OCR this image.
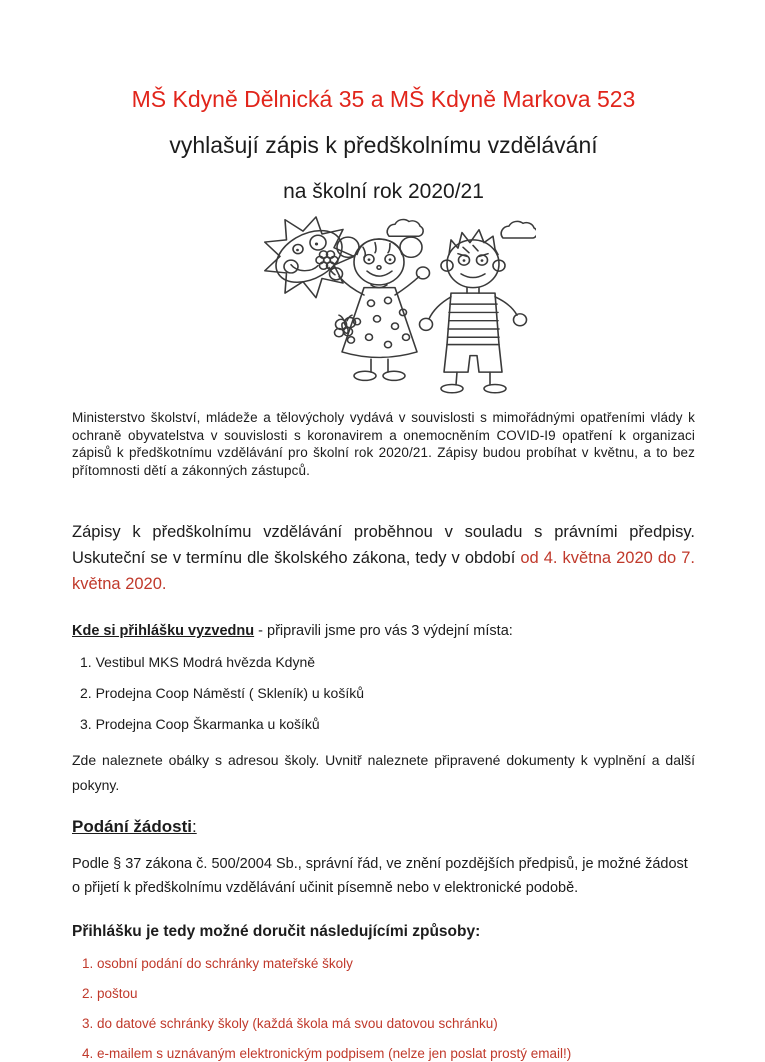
MŠ Kdyně Dělnická 35 a MŠ Kdyně Markova 523
vyhlašují zápis k předškolnímu vzdělávání
na školní rok 2020/21

Ministerstvo školství, mládeže a tělovýcholy vydává v souvislosti s mimořádnými opatřeními vlády k ochraně obyvatelstva v souvislosti s koronavirem a onemocněním COVID-I9 opatření k organizaci zápisů k předškotnímu vzdělávání pro školní rok 2020/21. Zápisy budou probíhat v květnu, a to bez přítomnosti dětí a zákonných zástupců.

Zápisy k předškolnímu vzdělávání proběhnou v souladu s právními předpisy. Uskuteční se v termínu dle školského zákona, tedy v období od 4. května 2020 do 7. května 2020.

Kde si přihlášku vyzvednu - připravili jsme pro vás 3 výdejní místa:

1. Vestibul MKS Modrá hvězda Kdyně
2. Prodejna Coop Náměstí ( Skleník) u košíků
3. Prodejna Coop Škarmanka u košíků

Zde naleznete obálky s adresou školy. Uvnitř naleznete připravené dokumenty k vyplnění a další pokyny.

Podání žádosti:

Podle § 37 zákona č. 500/2004 Sb., správní řád, ve znění pozdějších předpisů, je možné žádost o přijetí k předškolnímu vzdělávání učinit písemně nebo v elektronické podobě.

Přihlášku je tedy možné doručit následujícími způsoby:

1. osobní podání do schránky mateřské školy
2. poštou
3. do datové schránky školy (každá škola má svou datovou schránku)
4. e-mailem s uznávaným elektronickým podpisem (nelze jen poslat prostý email!)
